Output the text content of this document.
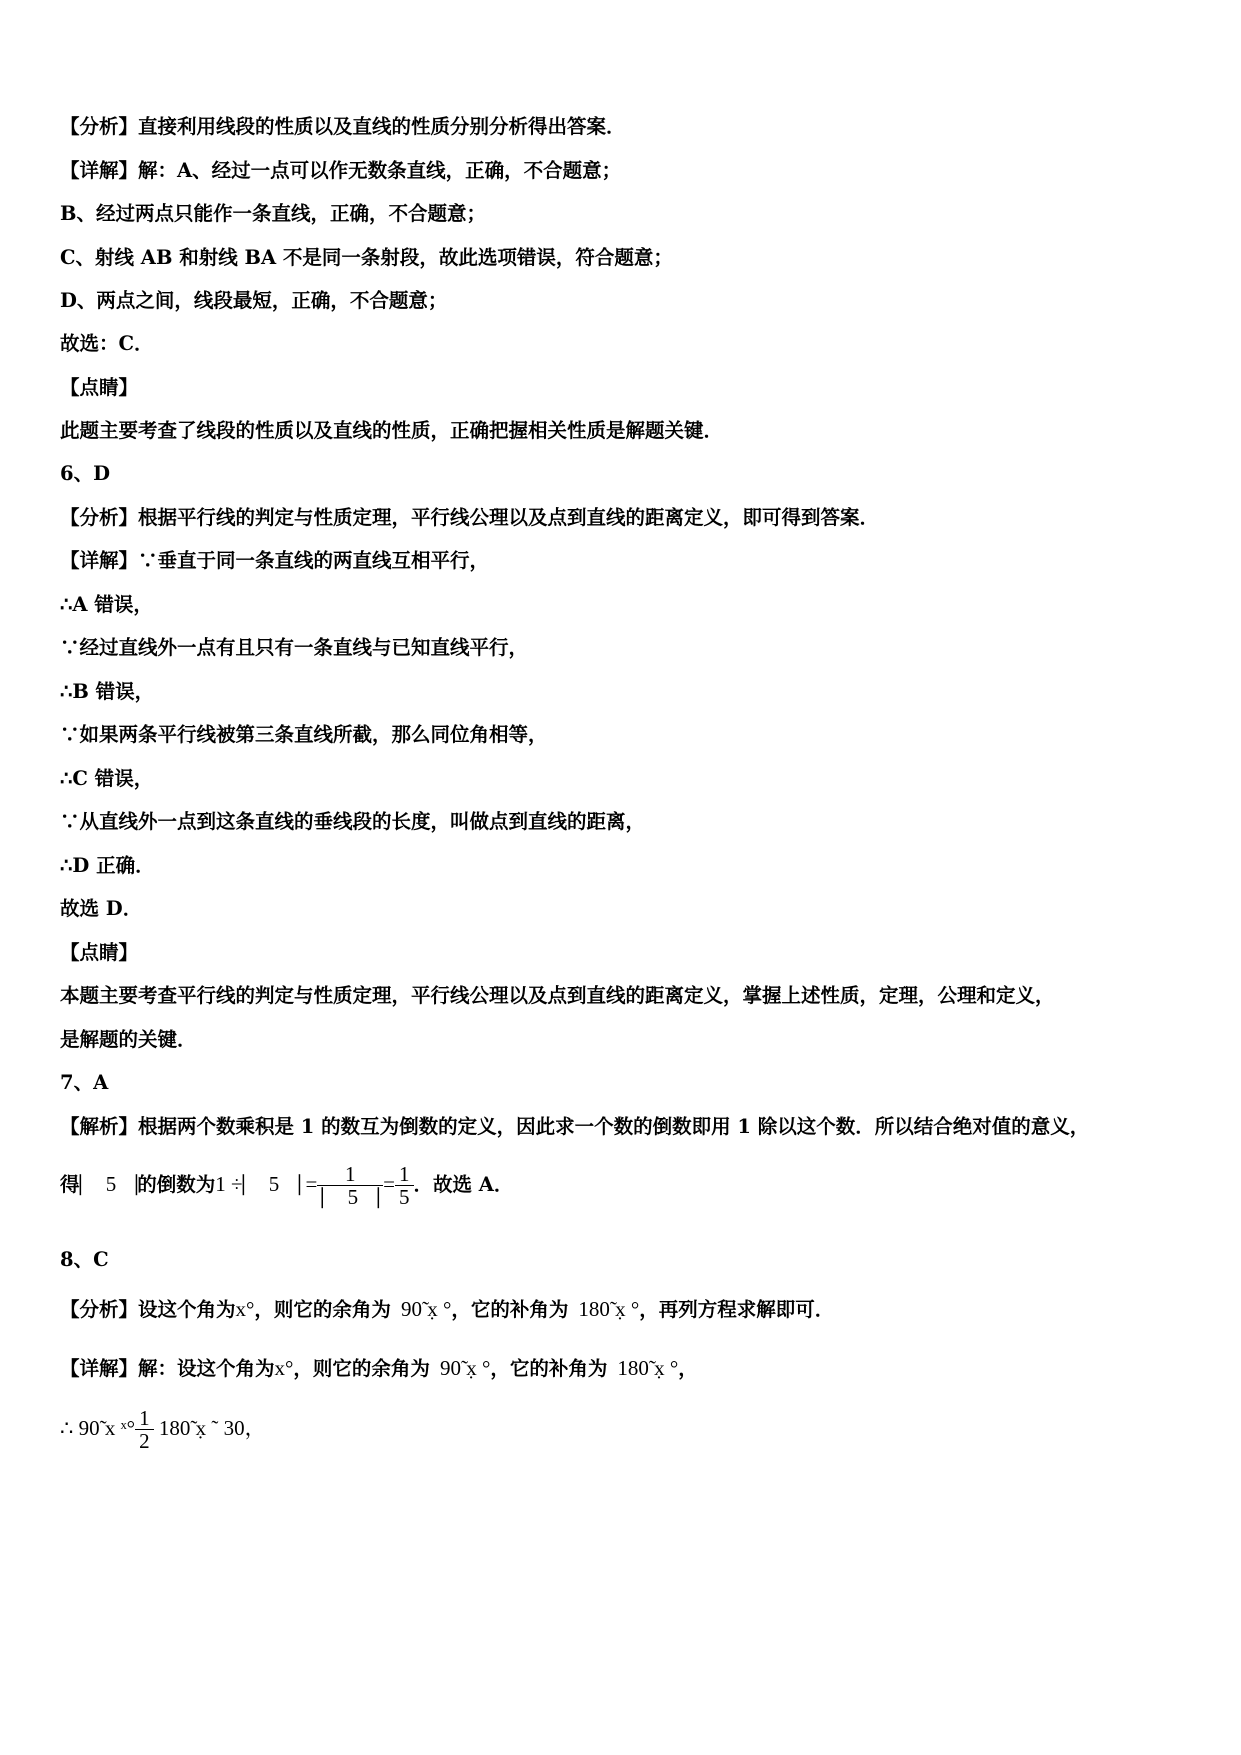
【分析】直接利用线段的性质以及直线的性质分别分析得出答案．
【详解】解：A、经过一点可以作无数条直线，正确，不合题意；
B、经过两点只能作一条直线，正确，不合题意；
C、射线 AB 和射线 BA 不是同一条射段，故此选项错误，符合题意；
D、两点之间，线段最短，正确，不合题意；
故选：C．
【点睛】
此题主要考查了线段的性质以及直线的性质，正确把握相关性质是解题关键．
6、D
【分析】根据平行线的判定与性质定理，平行线公理以及点到直线的距离定义，即可得到答案．
【详解】∵垂直于同一条直线的两直线互相平行，
∴A 错误，
∵经过直线外一点有且只有一条直线与已知直线平行，
∴B 错误，
∵如果两条平行线被第三条直线所截，那么同位角相等，
∴C 错误，
∵从直线外一点到这条直线的垂线段的长度，叫做点到直线的距离，
∴D 正确．
故选 D．
【点睛】
本题主要考查平行线的判定与性质定理，平行线公理以及点到直线的距离定义，掌握上述性质，定理，公理和定义，
是解题的关键．
7、A
【解析】根据两个数乘积是 1 的数互为倒数的定义，因此求一个数的倒数即用 1 除以这个数．所以结合绝对值的意义，
得⎸ 5⎹的倒数为1 ÷⎸ 5⎹ = $\frac{1}{⎸ 5⎹} = \frac{1}{5}$ ．故选 A．
8、C
【分析】设这个角为x°，则它的余角为 90̃ x̣ °，它的补角为 180̃ x̣ °，再列方程求解即可．
【详解】解：设这个角为x°，则它的余角为 90̃ x̣ °，它的补角为 180̃ x̣ °，
∴ 90̃ x ˣ° $\frac{1}{2}$ 180̃ x̣ ˜ 30，
